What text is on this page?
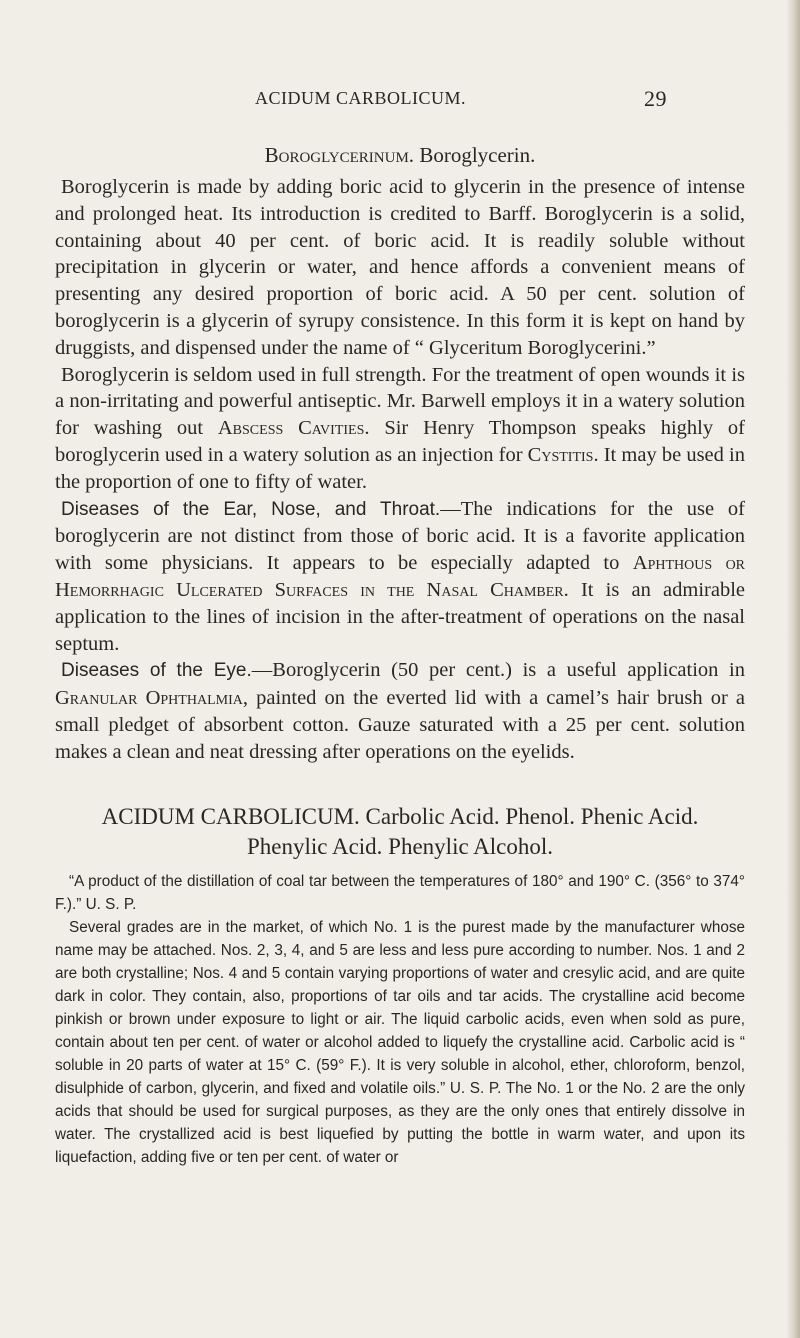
ACIDUM CARBOLICUM.	29
Boroglycerinum. Boroglycerin.

Boroglycerin is made by adding boric acid to glycerin in the presence of intense and prolonged heat. Its introduction is credited to Barff. Boroglycerin is a solid, containing about 40 per cent. of boric acid. It is readily soluble without precipitation in glycerin or water, and hence affords a convenient means of presenting any desired proportion of boric acid. A 50 per cent. solution of boroglycerin is a glycerin of syrupy consistence. In this form it is kept on hand by druggists, and dispensed under the name of “ Glyceritum Boroglycerini.”

Boroglycerin is seldom used in full strength. For the treatment of open wounds it is a non-irritating and powerful antiseptic. Mr. Barwell employs it in a watery solution for washing out Abscess Cavities. Sir Henry Thompson speaks highly of boroglycerin used in a watery solution as an injection for Cystitis. It may be used in the proportion of one to fifty of water.

Diseases of the Ear, Nose, and Throat.—The indications for the use of boroglycerin are not distinct from those of boric acid. It is a favorite application with some physicians. It appears to be especially adapted to Aphthous or Hemorrhagic Ulcerated Surfaces in the Nasal Chamber. It is an admirable application to the lines of incision in the after-treatment of operations on the nasal septum.

Diseases of the Eye.—Boroglycerin (50 per cent.) is a useful application in Granular Ophthalmia, painted on the everted lid with a camel’s hair brush or a small pledget of absorbent cotton. Gauze saturated with a 25 per cent. solution makes a clean and neat dressing after operations on the eyelids.

ACIDUM CARBOLICUM. Carbolic Acid. Phenol. Phenic Acid.
Phenylic Acid. Phenylic Alcohol.

“A product of the distillation of coal tar between the temperatures of 180° and 190° C. (356° to 374° F.).” U. S. P.

Several grades are in the market, of which No. 1 is the purest made by the manufacturer whose name may be attached. Nos. 2, 3, 4, and 5 are less and less pure according to number. Nos. 1 and 2 are both crystalline; Nos. 4 and 5 contain varying proportions of water and cresylic acid, and are quite dark in color. They contain, also, proportions of tar oils and tar acids. The crystalline acid become pinkish or brown under exposure to light or air. The liquid carbolic acids, even when sold as pure, contain about ten per cent. of water or alcohol added to liquefy the crystalline acid. Carbolic acid is “ soluble in 20 parts of water at 15° C. (59° F.). It is very soluble in alcohol, ether, chloroform, benzol, disulphide of carbon, glycerin, and fixed and volatile oils.” U. S. P. The No. 1 or the No. 2 are the only acids that should be used for surgical purposes, as they are the only ones that entirely dissolve in water. The crystallized acid is best liquefied by putting the bottle in warm water, and upon its liquefaction, adding five or ten per cent. of water or
